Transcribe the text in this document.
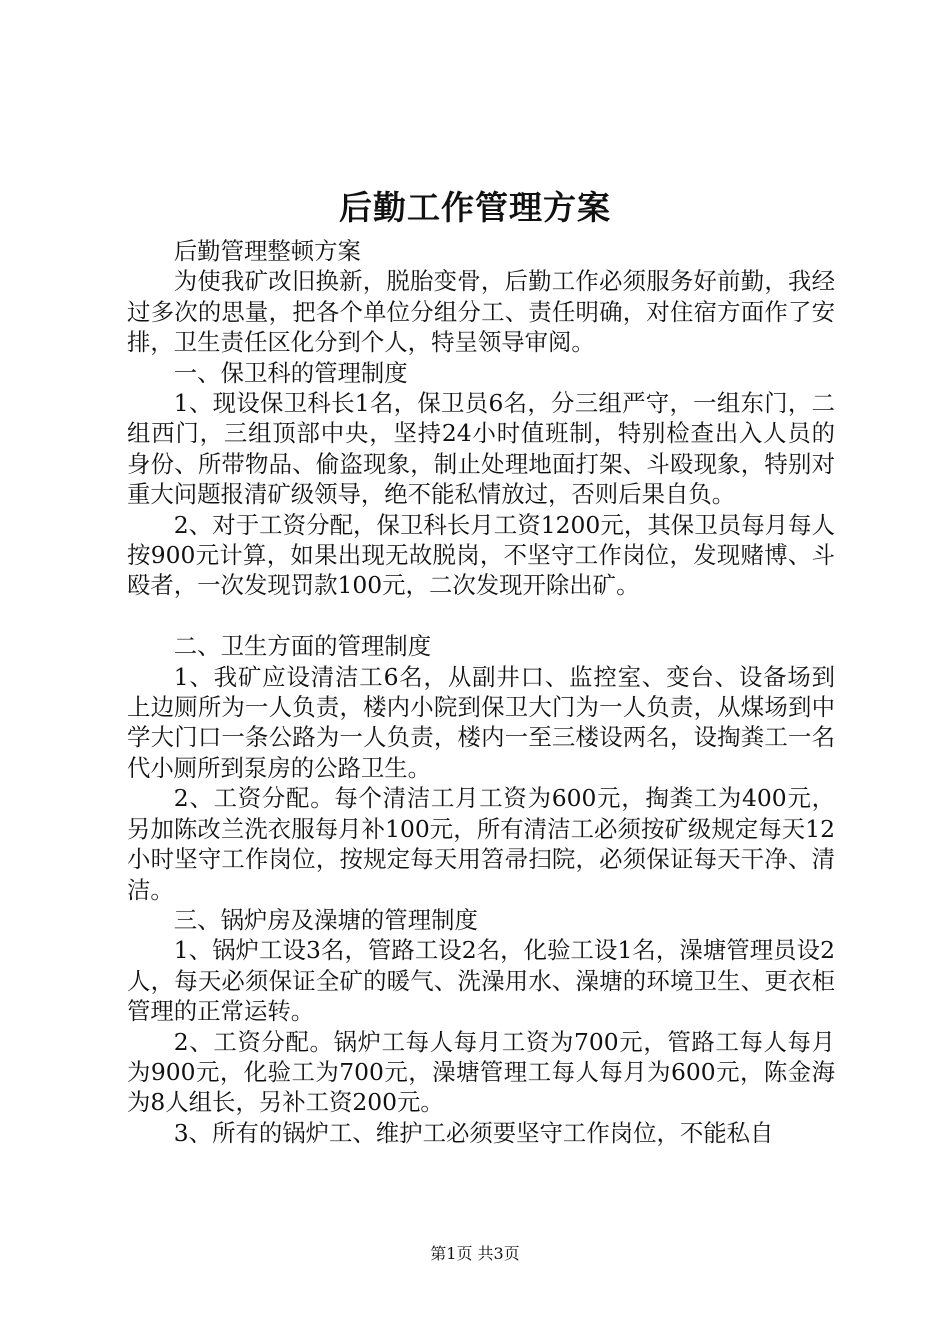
后勤工作管理方案

后勤管理整顿方案

为使我矿改旧换新，脱胎变骨，后勤工作必须服务好前勤，我经过多次的思量，把各个单位分组分工、责任明确，对住宿方面作了安排，卫生责任区化分到个人，特呈领导审阅。

一、保卫科的管理制度

1、现设保卫科长1名，保卫员6名，分三组严守，一组东门，二组西门，三组顶部中央，坚持24小时值班制，特别检查出入人员的身份、所带物品、偷盗现象，制止处理地面打架、斗殴现象，特别对重大问题报清矿级领导，绝不能私情放过，否则后果自负。

2、对于工资分配，保卫科长月工资1200元，其保卫员每月每人按900元计算，如果出现无故脱岗，不坚守工作岗位，发现赌博、斗殴者，一次发现罚款100元，二次发现开除出矿。

二、卫生方面的管理制度

1、我矿应设清洁工6名，从副井口、监控室、变台、设备场到上边厕所为一人负责，楼内小院到保卫大门为一人负责，从煤场到中学大门口一条公路为一人负责，楼内一至三楼设两名，设掏粪工一名代小厕所到泵房的公路卫生。

2、工资分配。每个清洁工月工资为600元，掏粪工为400元，另加陈改兰洗衣服每月补100元，所有清洁工必须按矿级规定每天12小时坚守工作岗位，按规定每天用笤帚扫院，必须保证每天干净、清洁。

三、锅炉房及澡塘的管理制度

1、锅炉工设3名，管路工设2名，化验工设1名，澡塘管理员设2人，每天必须保证全矿的暖气、洗澡用水、澡塘的环境卫生、更衣柜管理的正常运转。

2、工资分配。锅炉工每人每月工资为700元，管路工每人每月为900元，化验工为700元，澡塘管理工每人每月为600元，陈金海为8人组长，另补工资200元。

3、所有的锅炉工、维护工必须要坚守工作岗位，不能私自

第1页 共3页
